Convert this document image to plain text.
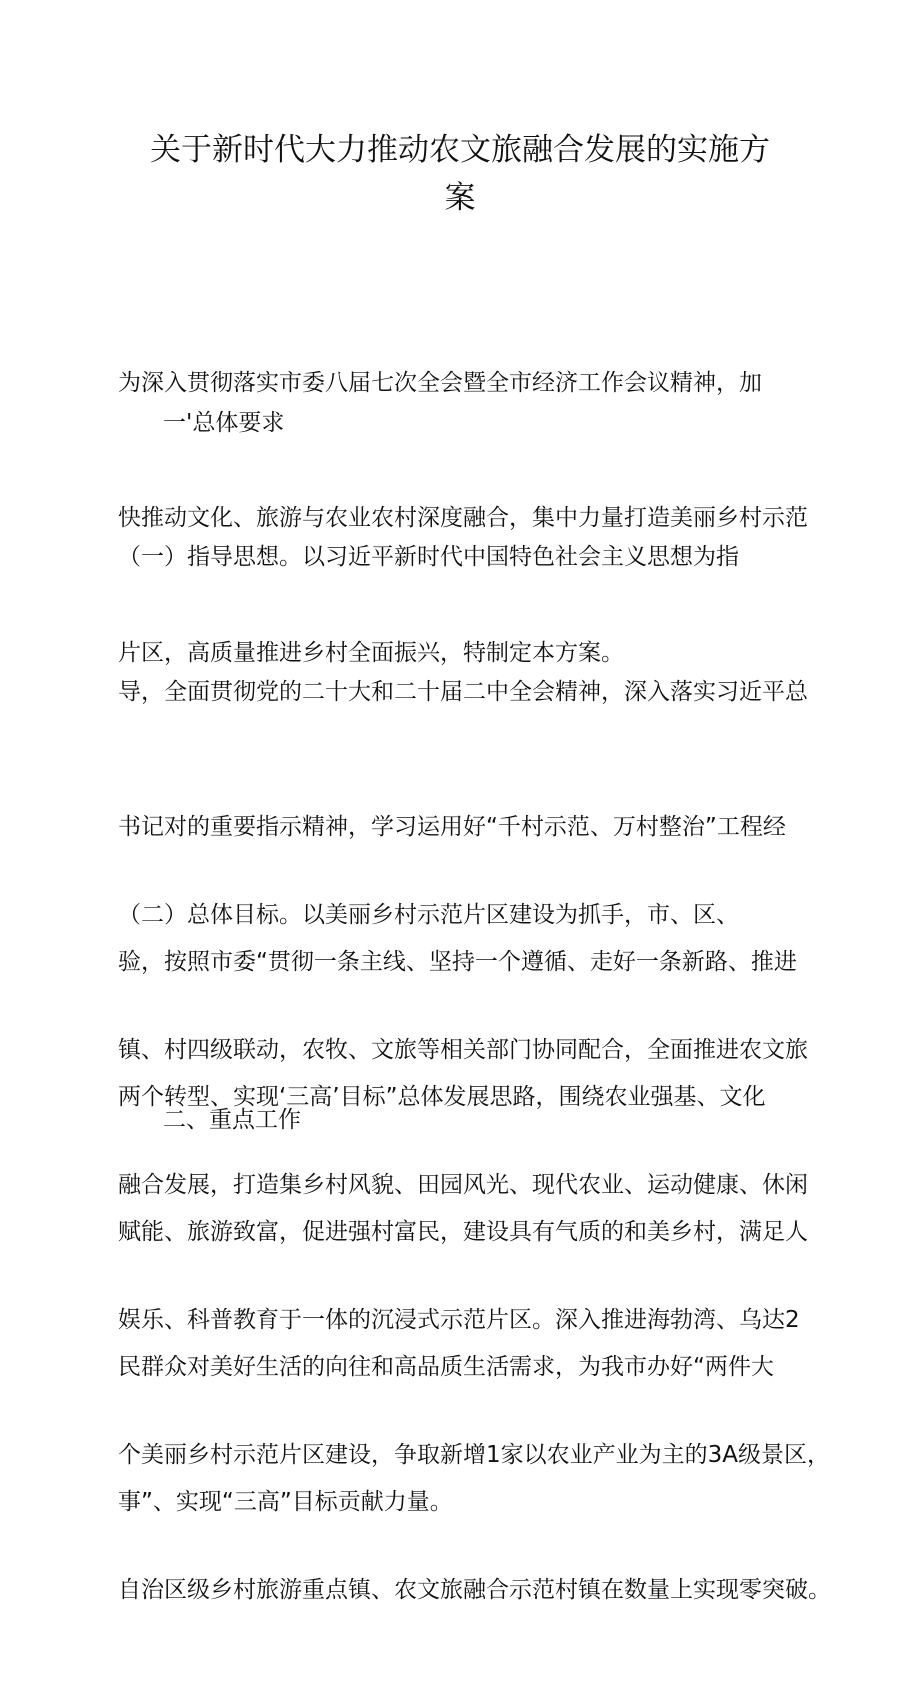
关于新时代大力推动农文旅融合发展的实施方
案

为深入贯彻落实市委八届七次全会暨全市经济工作会议精神，加

快推动文化、旅游与农业农村深度融合，集中力量打造美丽乡村示范

片区，高质量推进乡村全面振兴，特制定本方案。

一'总体要求

（一）指导思想。以习近平新时代中国特色社会主义思想为指

导，全面贯彻党的二十大和二十届二中全会精神，深入落实习近平总

书记对的重要指示精神，学习运用好“千村示范、万村整治”工程经

验，按照市委“贯彻一条主线、坚持一个遵循、走好一条新路、推进

两个转型、实现‘三高’目标”总体发展思路，围绕农业强基、文化

赋能、旅游致富，促进强村富民，建设具有气质的和美乡村，满足人

民群众对美好生活的向往和高品质生活需求，为我市办好“两件大

事”、实现“三高”目标贡献力量。

（二）总体目标。以美丽乡村示范片区建设为抓手，市、区、

镇、村四级联动，农牧、文旅等相关部门协同配合，全面推进农文旅

融合发展，打造集乡村风貌、田园风光、现代农业、运动健康、休闲

娱乐、科普教育于一体的沉浸式示范片区。深入推进海勃湾、乌达2

个美丽乡村示范片区建设，争取新增1家以农业产业为主的3A级景区，

自治区级乡村旅游重点镇、农文旅融合示范村镇在数量上实现零突破。

二、重点工作
